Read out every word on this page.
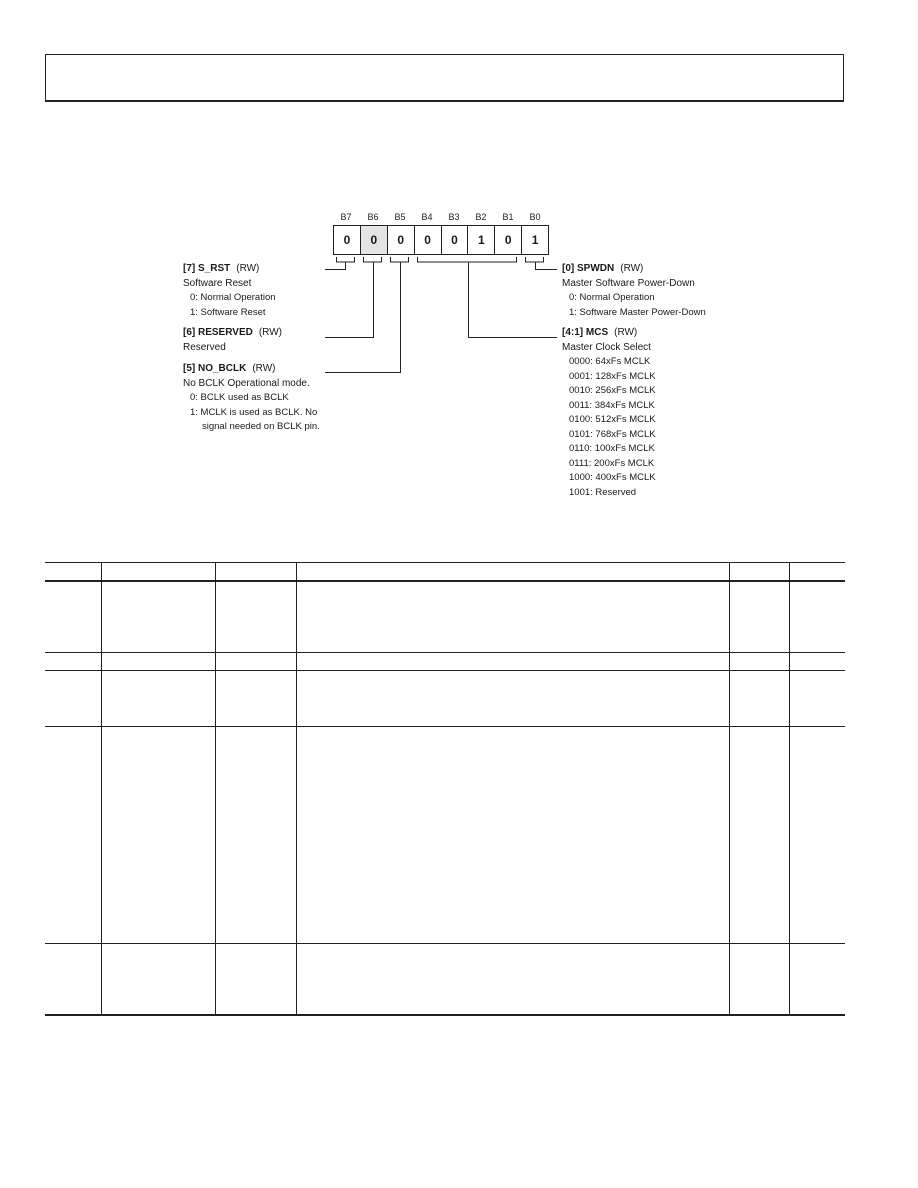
B7	B6	B5	B4	B3	B2	B1	B0
0	0	0	0	0	1	0	1
[7] S_RST (RW)
Software Reset
0: Normal Operation
1: Software Reset
[6] RESERVED (RW)
Reserved
[5] NO_BCLK (RW)
No BCLK Operational mode.
0: BCLK used as BCLK
1: MCLK is used as BCLK. No
signal needed on BCLK pin.
[0] SPWDN (RW)
Master Software Power-Down
0: Normal Operation
1: Software Master Power-Down
[4:1] MCS (RW)
Master Clock Select
0000: 64xFs MCLK
0001: 128xFs MCLK
0010: 256xFs MCLK
0011: 384xFs MCLK
0100: 512xFs MCLK
0101: 768xFs MCLK
0110: 100xFs MCLK
0111: 200xFs MCLK
1000: 400xFs MCLK
1001: Reserved
